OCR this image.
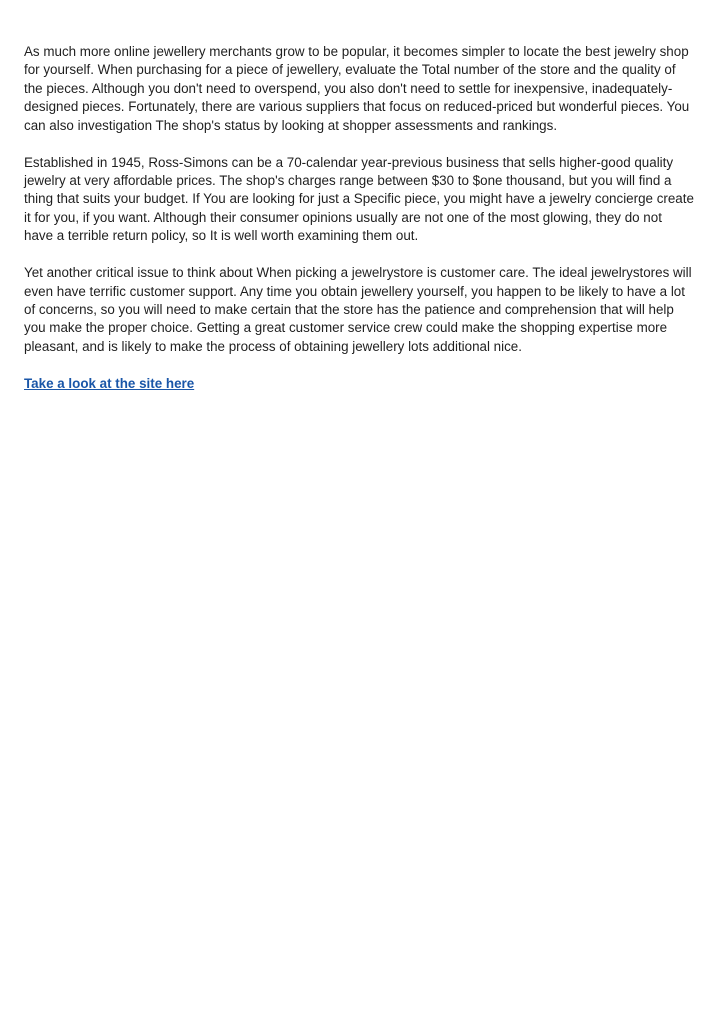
As much more online jewellery merchants grow to be popular, it becomes simpler to locate the best jewelry shop for yourself. When purchasing for a piece of jewellery, evaluate the Total number of the store and the quality of the pieces. Although you don't need to overspend, you also don't need to settle for inexpensive, inadequately-designed pieces. Fortunately, there are various suppliers that focus on reduced-priced but wonderful pieces. You can also investigation The shop's status by looking at shopper assessments and rankings.

Established in 1945, Ross-Simons can be a 70-calendar year-previous business that sells higher-good quality jewelry at very affordable prices. The shop's charges range between $30 to $one thousand, but you will find a thing that suits your budget. If You are looking for just a Specific piece, you might have a jewelry concierge create it for you, if you want. Although their consumer opinions usually are not one of the most glowing, they do not have a terrible return policy, so It is well worth examining them out.

Yet another critical issue to think about When picking a jewelrystore is customer care. The ideal jewelrystores will even have terrific customer support. Any time you obtain jewellery yourself, you happen to be likely to have a lot of concerns, so you will need to make certain that the store has the patience and comprehension that will help you make the proper choice. Getting a great customer service crew could make the shopping expertise more pleasant, and is likely to make the process of obtaining jewellery lots additional nice.

Take a look at the site here
